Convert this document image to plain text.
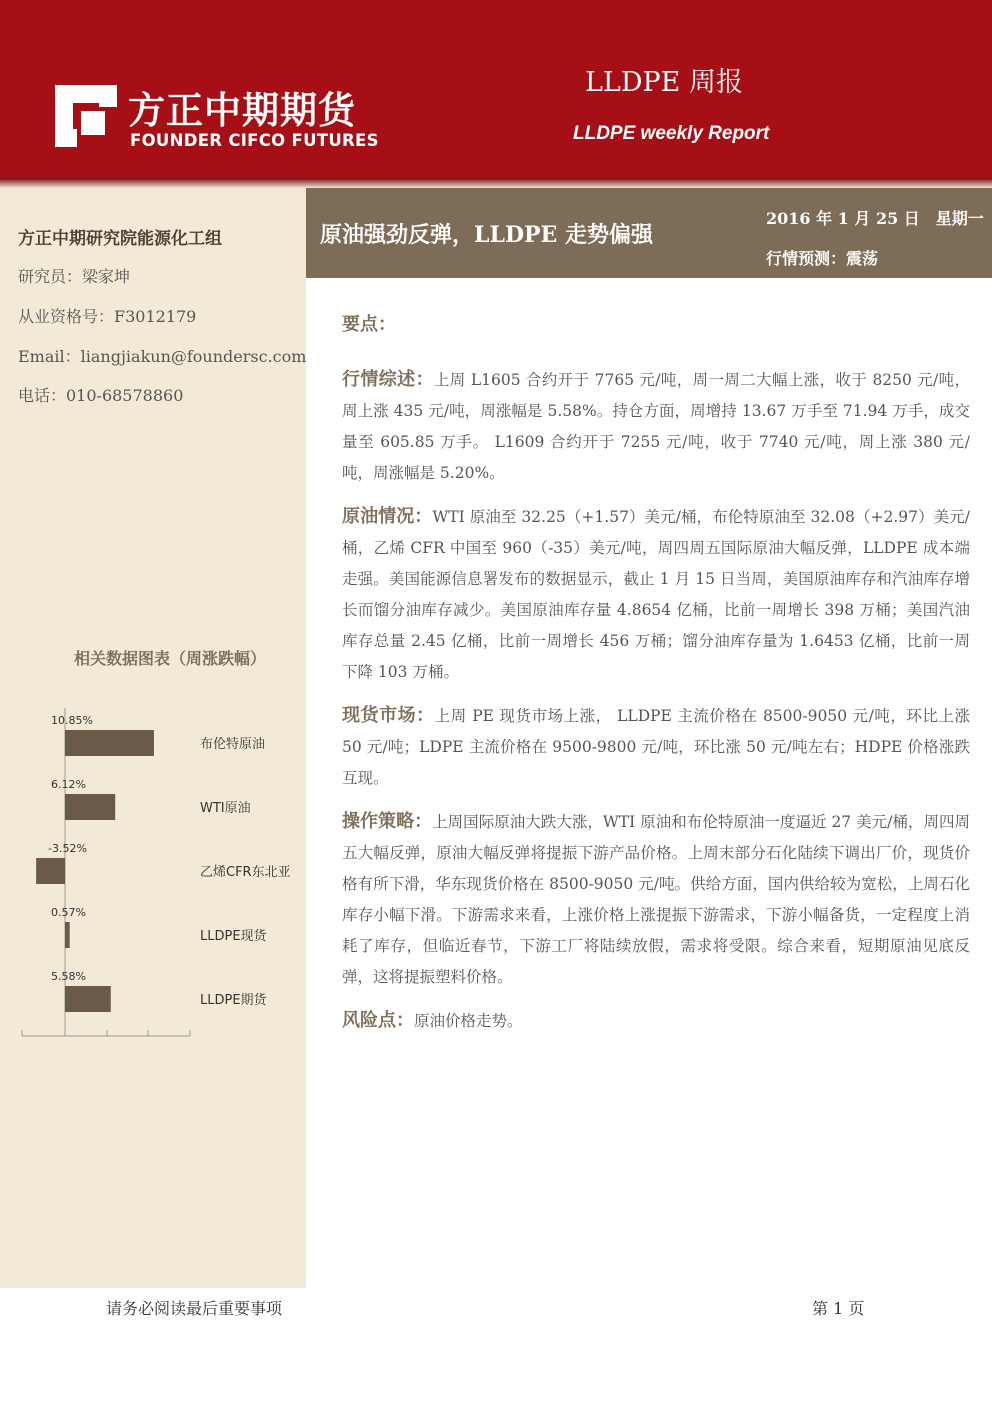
方正中期期货
FOUNDER CIFCO FUTURES
LLDPE 周报
LLDPE weekly Report
原油强劲反弹，LLDPE 走势偏强
2016 年 1 月 25 日　星期一
行情预测：震荡
方正中期研究院能源化工组
研究员：梁家坤
从业资格号：F3012179
Email：liangjiakun@foundersc.com
电话：010-68578860
相关数据图表（周涨跌幅）
10.85%
布伦特原油
6.12%
WTI原油
-3.52%
乙烯CFR东北亚
0.57%
LLDPE现货
5.58%
LLDPE期货
要点：

行情综述：上周 L1605 合约开于 7765 元/吨，周一周二大幅上涨，收于 8250 元/吨， 周上涨 435 元/吨，周涨幅是 5.58%。持仓方面，周增持 13.67 万手至 71.94 万手，成交量至 605.85 万手。 L1609 合约开于 7255 元/吨，收于 7740 元/吨，周上涨 380 元/吨，周涨幅是 5.20%。

原油情况：WTI 原油至 32.25（+1.57）美元/桶，布伦特原油至 32.08（+2.97）美元/桶，乙烯 CFR 中国至 960（-35）美元/吨，周四周五国际原油大幅反弹，LLDPE 成本端走强。美国能源信息署发布的数据显示，截止 1 月 15 日当周，美国原油库存和汽油库存增长而馏分油库存减少。美国原油库存量 4.8654 亿桶，比前一周增长 398 万桶；美国汽油库存总量 2.45 亿桶，比前一周增长 456 万桶；馏分油库存量为 1.6453 亿桶，比前一周下降 103 万桶。

现货市场：上周 PE 现货市场上涨， LLDPE 主流价格在 8500-9050 元/吨，环比上涨 50 元/吨；LDPE 主流价格在 9500-9800 元/吨，环比涨 50 元/吨左右；HDPE 价格涨跌互现。

操作策略：上周国际原油大跌大涨，WTI 原油和布伦特原油一度逼近 27 美元/桶，周四周五大幅反弹，原油大幅反弹将提振下游产品价格。上周末部分石化陆续下调出厂价，现货价格有所下滑，华东现货价格在 8500-9050 元/吨。供给方面，国内供给较为宽松，上周石化库存小幅下滑。下游需求来看，上涨价格上涨提振下游需求，下游小幅备货，一定程度上消耗了库存，但临近春节，下游工厂将陆续放假，需求将受限。综合来看，短期原油见底反弹，这将提振塑料价格。

风险点：原油价格走势。

请务必阅读最后重要事项	第 1 页
